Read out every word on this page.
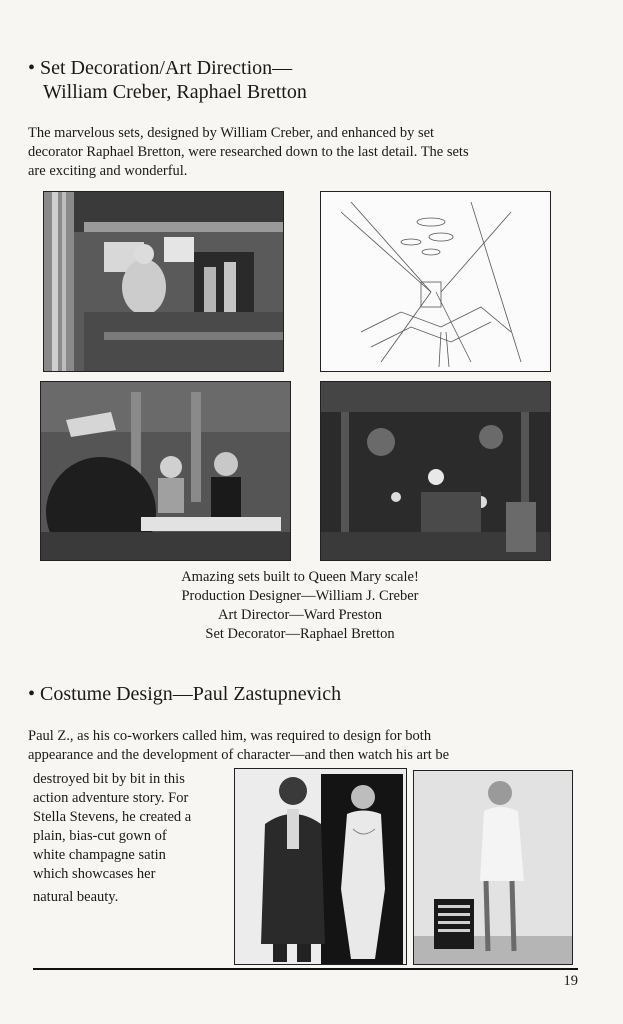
• Set Decoration/Art Direction—
William Creber, Raphael Bretton
The marvelous sets, designed by William Creber, and enhanced by set
decorator Raphael Bretton, were researched down to the last detail. The sets
are exciting and wonderful.
Amazing sets built to Queen Mary scale!
Production Designer—William J. Creber
Art Director—Ward Preston
Set Decorator—Raphael Bretton
• Costume Design—Paul Zastupnevich
Paul Z., as his co-workers called him, was required to design for both
appearance and the development of character—and then watch his art be
destroyed bit by bit in this
action adventure story. For
Stella Stevens, he created a
plain, bias-cut gown of
white champagne satin
which showcases her
natural beauty.
19
